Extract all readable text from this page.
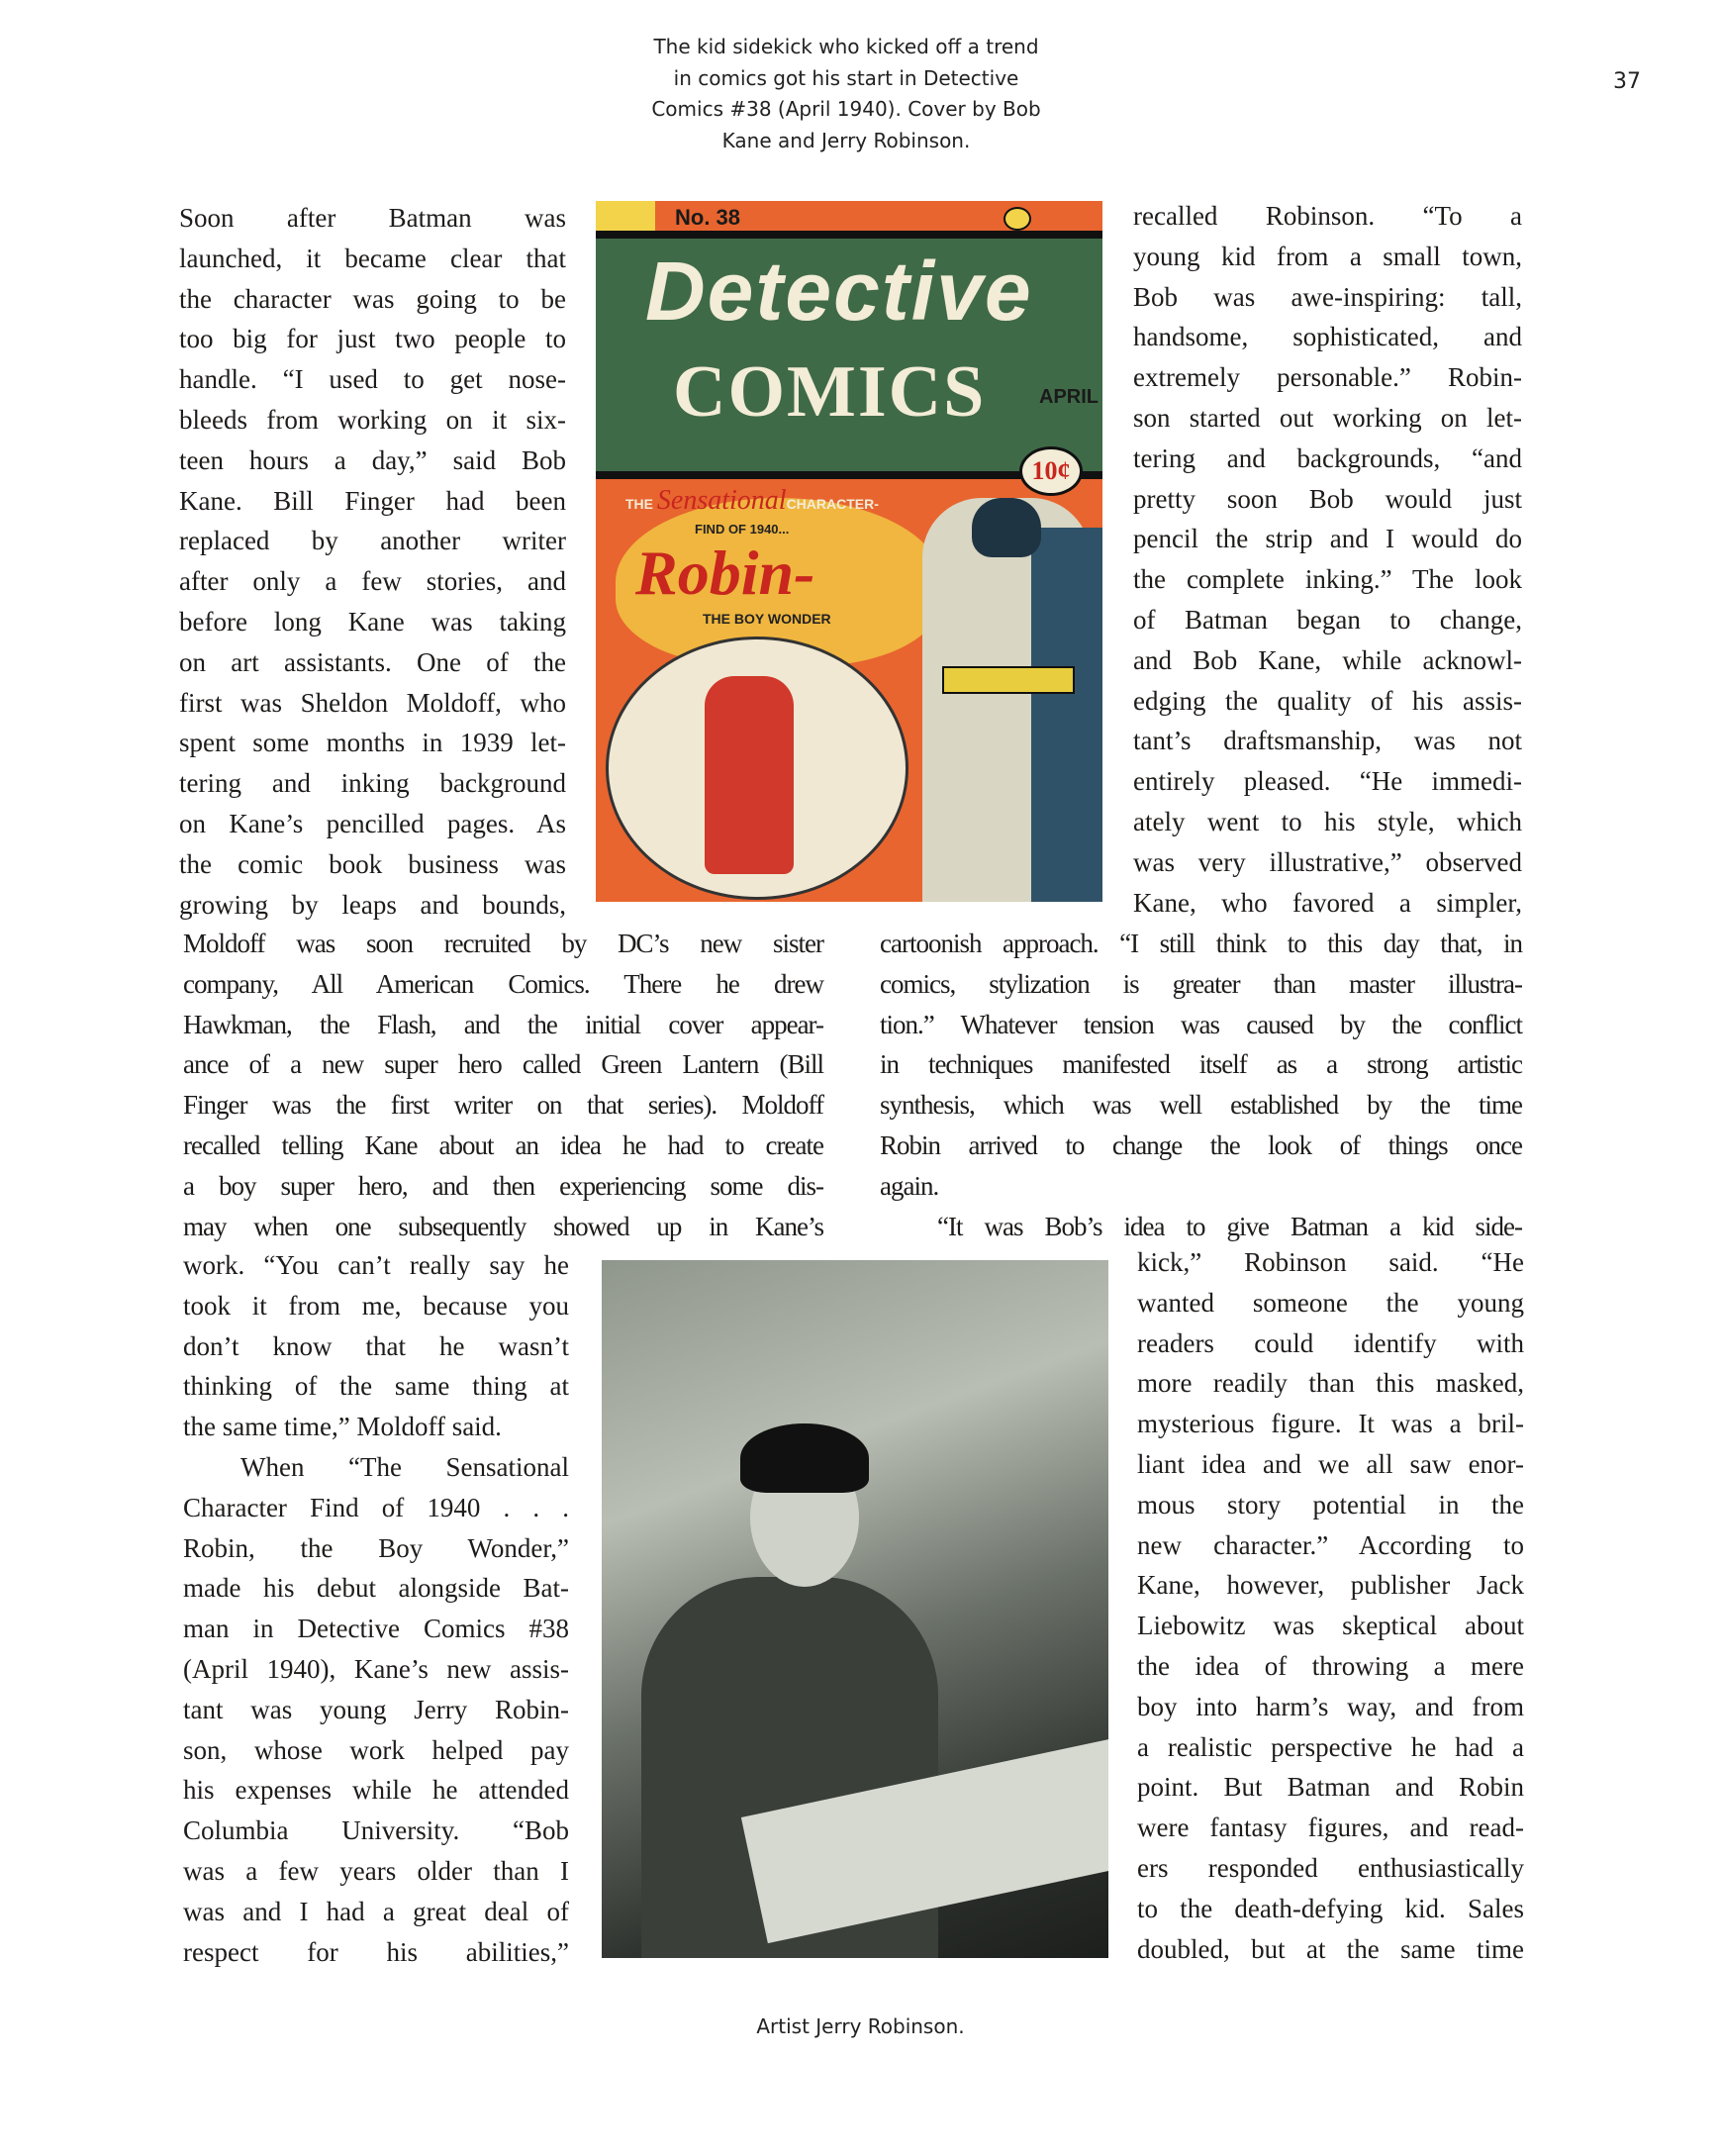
The kid sidekick who kicked off a trend
in comics got his start in Detective
Comics #38 (April 1940). Cover by Bob
Kane and Jerry Robinson.
37
No. 38
Detective
COMICS	APRIL
10¢
THE SensationalCHARACTER-
FIND OF 1940...
Robin-
THE BOY WONDER
Soon after Batman was
launched, it became clear that
the character was going to be
too big for just two people to
handle. “I used to get nose-
bleeds from working on it six-
teen hours a day,” said Bob
Kane. Bill Finger had been
replaced by another writer
after only a few stories, and
before long Kane was taking
on art assistants. One of the
first was Sheldon Moldoff, who
spent some months in 1939 let-
tering and inking background
on Kane’s pencilled pages. As
the comic book business was
growing by leaps and bounds,
recalled Robinson. “To a
young kid from a small town,
Bob was awe-inspiring: tall,
handsome, sophisticated, and
extremely personable.” Robin-
son started out working on let-
tering and backgrounds, “and
pretty soon Bob would just
pencil the strip and I would do
the complete inking.” The look
of Batman began to change,
and Bob Kane, while acknowl-
edging the quality of his assis-
tant’s draftsmanship, was not
entirely pleased. “He immedi-
ately went to his style, which
was very illustrative,” observed
Kane, who favored a simpler,
Moldoff was soon recruited by DC’s new sister
company, All American Comics. There he drew
Hawkman, the Flash, and the initial cover appear-
ance of a new super hero called Green Lantern (Bill
Finger was the first writer on that series). Moldoff
recalled telling Kane about an idea he had to create
a boy super hero, and then experiencing some dis-
may when one subsequently showed up in Kane’s
cartoonish approach. “I still think to this day that, in
comics, stylization is greater than master illustra-
tion.” Whatever tension was caused by the conflict
in techniques manifested itself as a strong artistic
synthesis, which was well established by the time
Robin arrived to change the look of things once
again.
“It was Bob’s idea to give Batman a kid side-
work. “You can’t really say he
took it from me, because you
don’t know that he wasn’t
thinking of the same thing at
the same time,” Moldoff said.
When “The Sensational
Character Find of 1940 . . .
Robin, the Boy Wonder,”
made his debut alongside Bat-
man in Detective Comics #38
(April 1940), Kane’s new assis-
tant was young Jerry Robin-
son, whose work helped pay
his expenses while he attended
Columbia University. “Bob
was a few years older than I
was and I had a great deal of
respect for his abilities,”
kick,” Robinson said. “He
wanted someone the young
readers could identify with
more readily than this masked,
mysterious figure. It was a bril-
liant idea and we all saw enor-
mous story potential in the
new character.” According to
Kane, however, publisher Jack
Liebowitz was skeptical about
the idea of throwing a mere
boy into harm’s way, and from
a realistic perspective he had a
point. But Batman and Robin
were fantasy figures, and read-
ers responded enthusiastically
to the death-defying kid. Sales
doubled, but at the same time
Artist Jerry Robinson.
